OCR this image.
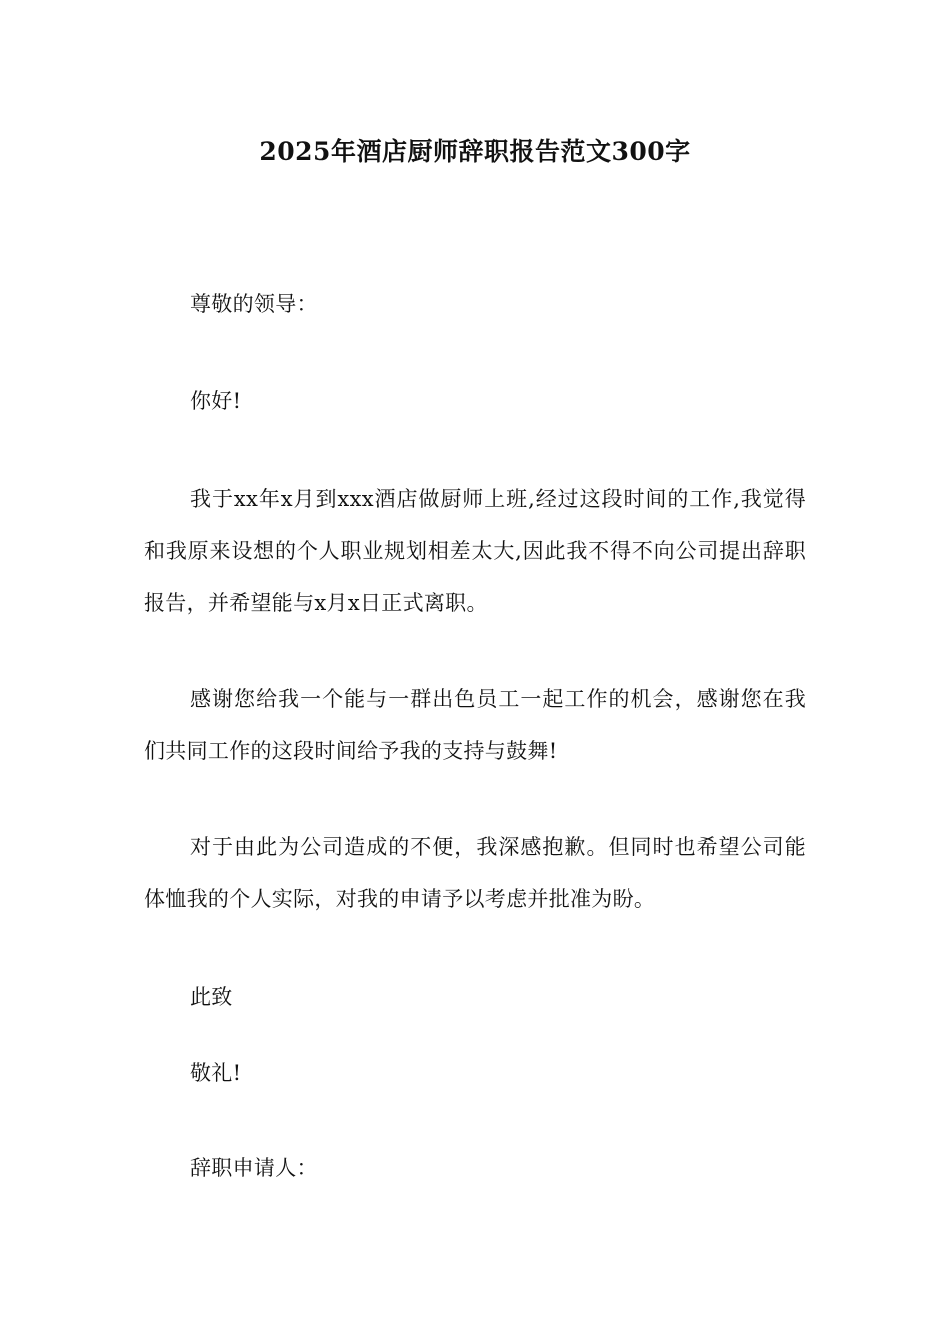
2025年酒店厨师辞职报告范文300字

尊敬的领导：

你好!

我于xx年x月到xxx酒店做厨师上班,经过这段时间的工作,我觉得和我原来设想的个人职业规划相差太大,因此我不得不向公司提出辞职报告，并希望能与x月x日正式离职。

感谢您给我一个能与一群出色员工一起工作的机会，感谢您在我们共同工作的这段时间给予我的支持与鼓舞!

对于由此为公司造成的不便，我深感抱歉。但同时也希望公司能体恤我的个人实际，对我的申请予以考虑并批准为盼。

此致

敬礼!

辞职申请人：
